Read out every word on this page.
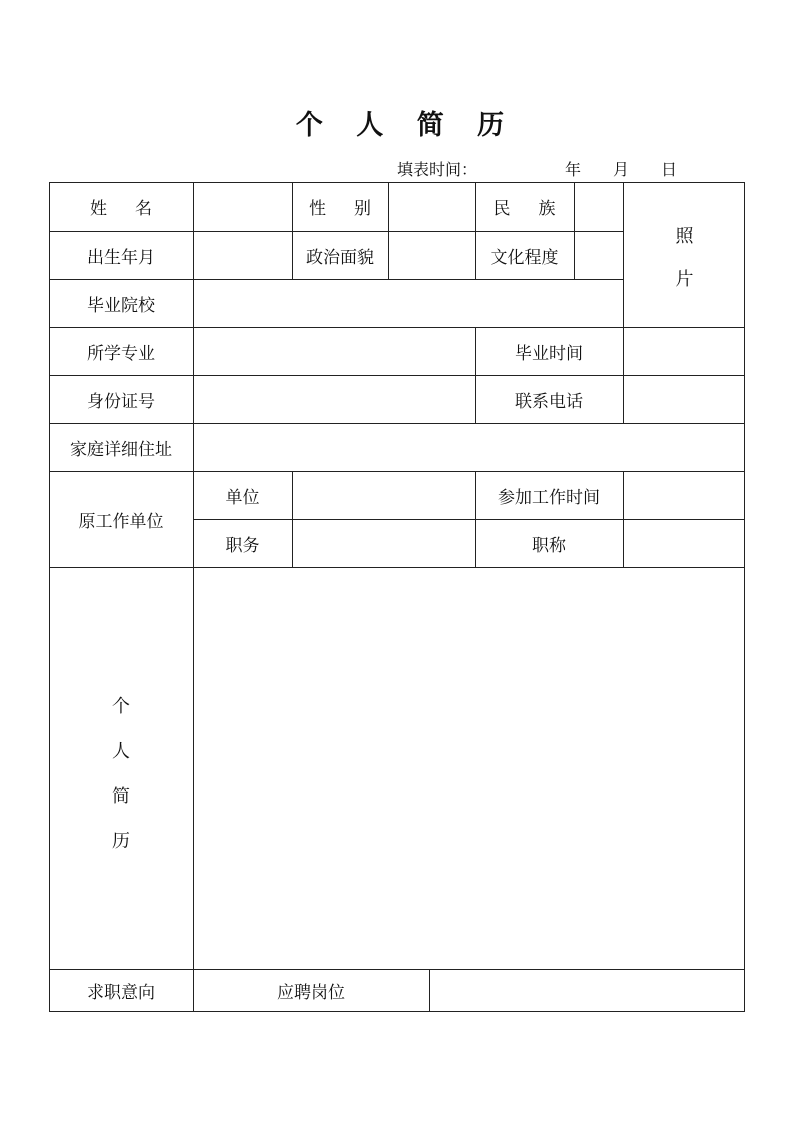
个 人 简 历
填表时间：	年 月 日
姓名	性别	民族
照
片
出生年月	政治面貌	文化程度
毕业院校
所学专业	毕业时间
身份证号	联系电话
家庭详细住址
原工作单位
单位	参加工作时间
职务	职称
个
人
简
历
求职意向	应聘岗位
